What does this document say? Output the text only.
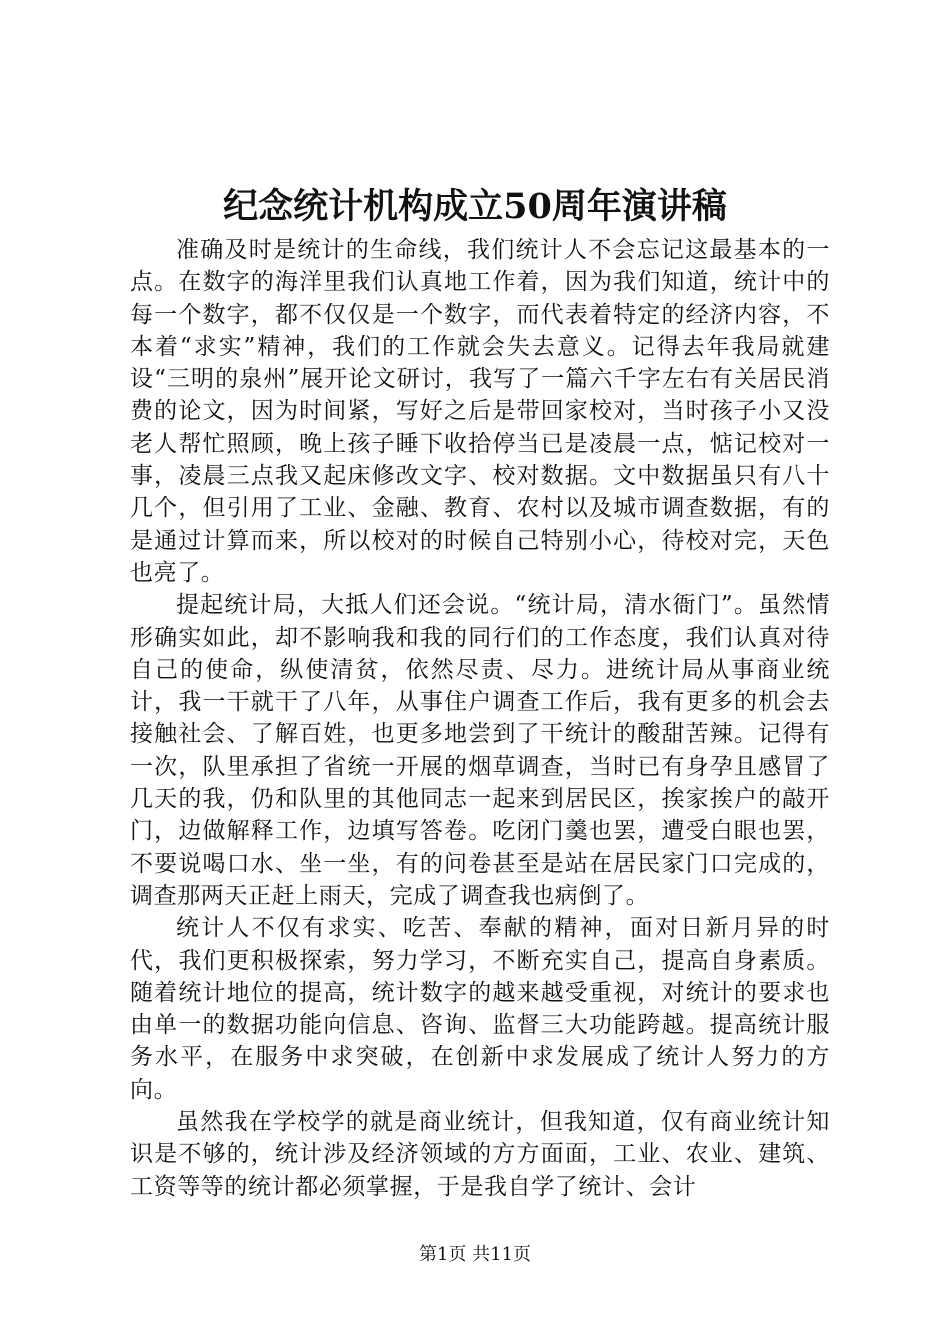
纪念统计机构成立50周年演讲稿

准确及时是统计的生命线，我们统计人不会忘记这最基本的一点。在数字的海洋里我们认真地工作着，因为我们知道，统计中的每一个数字，都不仅仅是一个数字，而代表着特定的经济内容，不本着“求实”精神，我们的工作就会失去意义。记得去年我局就建设“三明的泉州”展开论文研讨，我写了一篇六千字左右有关居民消费的论文，因为时间紧，写好之后是带回家校对，当时孩子小又没老人帮忙照顾，晚上孩子睡下收拾停当已是凌晨一点，惦记校对一事，凌晨三点我又起床修改文字、校对数据。文中数据虽只有八十几个，但引用了工业、金融、教育、农村以及城市调查数据，有的是通过计算而来，所以校对的时候自己特别小心，待校对完，天色也亮了。

提起统计局，大抵人们还会说。“统计局，清水衙门”。虽然情形确实如此，却不影响我和我的同行们的工作态度，我们认真对待自己的使命，纵使清贫，依然尽责、尽力。进统计局从事商业统计，我一干就干了八年，从事住户调查工作后，我有更多的机会去接触社会、了解百姓，也更多地尝到了干统计的酸甜苦辣。记得有一次，队里承担了省统一开展的烟草调查，当时已有身孕且感冒了几天的我，仍和队里的其他同志一起来到居民区，挨家挨户的敲开门，边做解释工作，边填写答卷。吃闭门羹也罢，遭受白眼也罢，不要说喝口水、坐一坐，有的问卷甚至是站在居民家门口完成的，调查那两天正赶上雨天，完成了调查我也病倒了。

统计人不仅有求实、吃苦、奉献的精神，面对日新月异的时代，我们更积极探索，努力学习，不断充实自己，提高自身素质。随着统计地位的提高，统计数字的越来越受重视，对统计的要求也由单一的数据功能向信息、咨询、监督三大功能跨越。提高统计服务水平，在服务中求突破，在创新中求发展成了统计人努力的方向。

虽然我在学校学的就是商业统计，但我知道，仅有商业统计知识是不够的，统计涉及经济领域的方方面面，工业、农业、建筑、工资等等的统计都必须掌握，于是我自学了统计、会计

第1页 共11页
